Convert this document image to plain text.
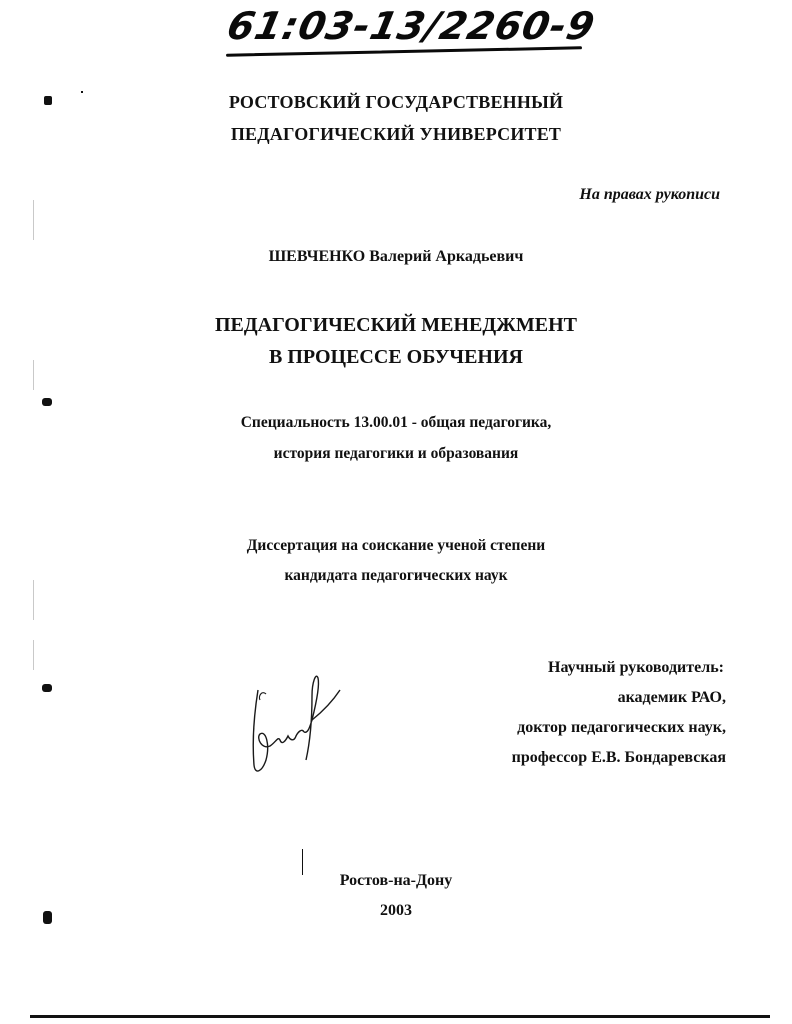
61:03-13/2260-9
РОСТОВСКИЙ ГОСУДАРСТВЕННЫЙ
ПЕДАГОГИЧЕСКИЙ УНИВЕРСИТЕТ
На правах рукописи
ШЕВЧЕНКО Валерий Аркадьевич
ПЕДАГОГИЧЕСКИЙ МЕНЕДЖМЕНТ
В ПРОЦЕССЕ ОБУЧЕНИЯ
Специальность 13.00.01 - общая педагогика,
история педагогики и образования
Диссертация на соискание ученой степени
кандидата педагогических наук
Научный руководитель:
академик РАО,
доктор педагогических наук,
профессор Е.В. Бондаревская
Ростов-на-Дону
2003
